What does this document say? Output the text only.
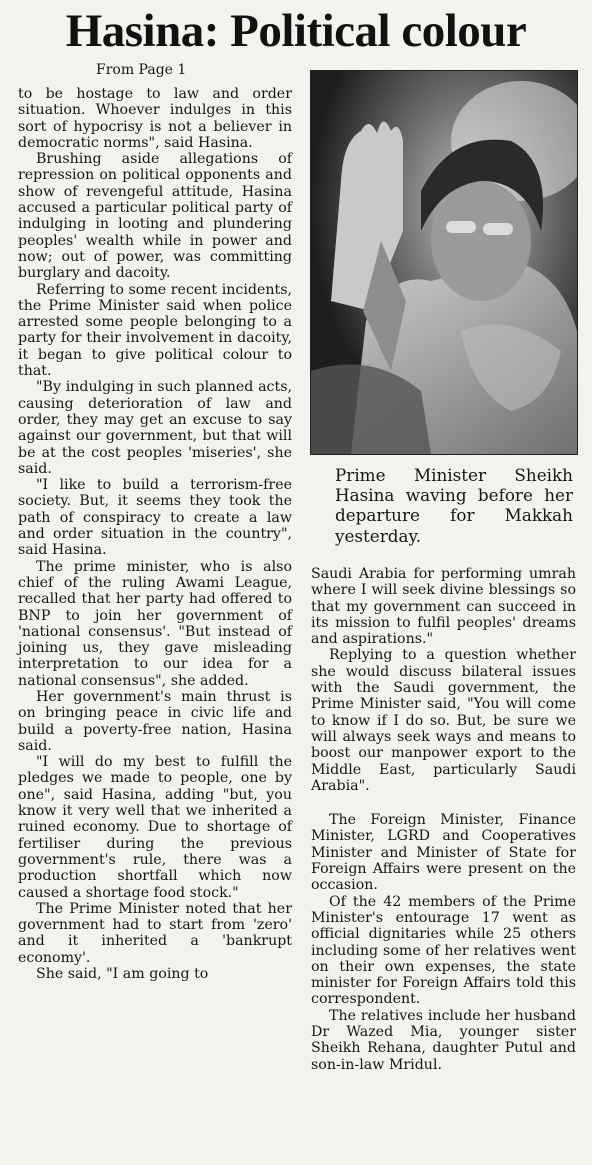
Hasina: Political colour
From Page 1

to be hostage to law and order situation. Whoever indulges in this sort of hypocrisy is not a believer in democratic norms", said Hasina.

Brushing aside allegations of repression on political opponents and show of revengeful attitude, Hasina accused a particular political party of indulging in looting and plundering peoples' wealth while in power and now; out of power, was committing burglary and dacoity.

Referring to some recent incidents, the Prime Minister said when police arrested some people belonging to a party for their involvement in dacoity, it began to give political colour to that.

"By indulging in such planned acts, causing deterioration of law and order, they may get an excuse to say against our government, but that will be at the cost peoples 'miseries', she said.

"I like to build a terrorism-free society. But, it seems they took the path of conspiracy to create a law and order situation in the country", said Hasina.

The prime minister, who is also chief of the ruling Awami League, recalled that her party had offered to BNP to join her government of 'national consensus'. "But instead of joining us, they gave misleading interpretation to our idea for a national consensus", she added.

Her government's main thrust is on bringing peace in civic life and build a poverty-free nation, Hasina said.

"I will do my best to fulfill the pledges we made to people, one by one", said Hasina, adding "but, you know it very well that we inherited a ruined economy. Due to shortage of fertiliser during the previous government's rule, there was a production shortfall which now caused a shortage food stock."

The Prime Minister noted that her government had to start from 'zero' and it inherited a 'bankrupt economy'.

She said, "I am going to

Prime Minister Sheikh Hasina waving before her departure for Makkah yesterday.

Saudi Arabia for performing umrah where I will seek divine blessings so that my government can succeed in its mission to fulfil peoples' dreams and aspirations."

Replying to a question whether she would discuss bilateral issues with the Saudi government, the Prime Minister said, "You will come to know if I do so. But, be sure we will always seek ways and means to boost our manpower export to the Middle East, particularly Saudi Arabia".

The Foreign Minister, Finance Minister, LGRD and Cooperatives Minister and Minister of State for Foreign Affairs were present on the occasion.

Of the 42 members of the Prime Minister's entourage 17 went as official dignitaries while 25 others including some of her relatives went on their own expenses, the state minister for Foreign Affairs told this correspondent.

The relatives include her husband Dr Wazed Mia, younger sister Sheikh Rehana, daughter Putul and son-in-law Mridul.
